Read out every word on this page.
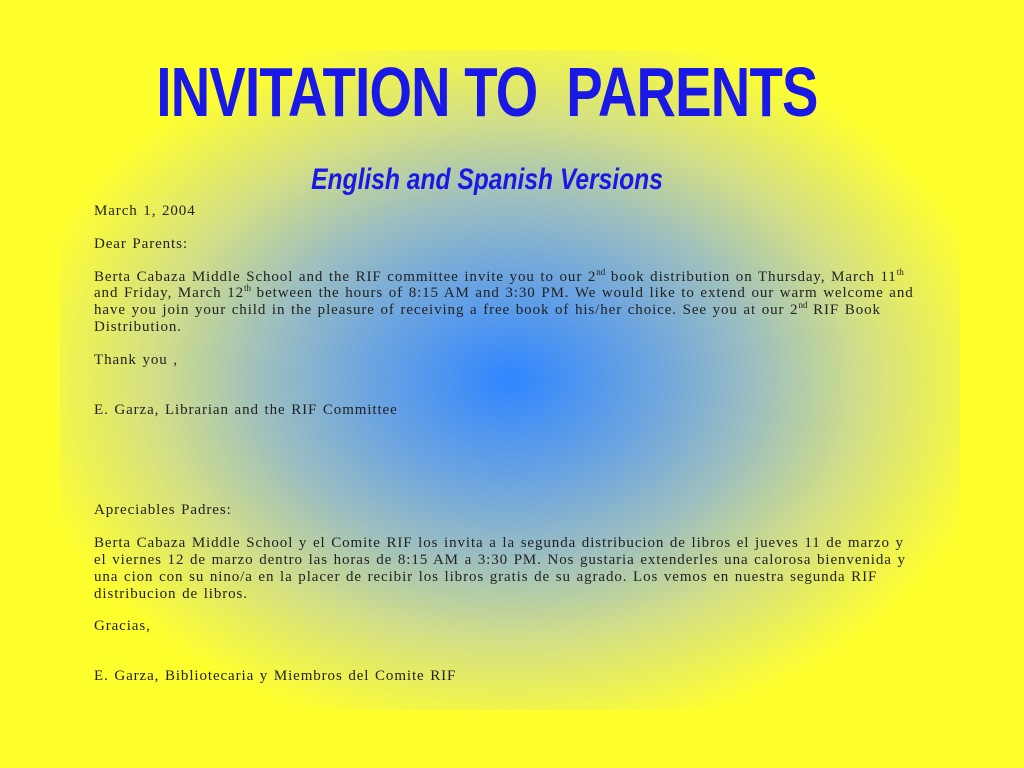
INVITATION TO  PARENTS
English and Spanish Versions

March 1, 2004

Dear Parents:

Berta Cabaza Middle School and the RIF committee invite you to our 2nd book distribution on Thursday, March 11th and Friday, March 12th between the hours of 8:15 AM and 3:30 PM. We would like to extend our warm welcome and have you join your child in the pleasure of receiving a free book of his/her choice. See you at our 2nd RIF Book Distribution.

Thank you ,

E. Garza, Librarian and the RIF Committee

Apreciables Padres:

Berta Cabaza Middle School y el Comite RIF los invita a la segunda distribucion de libros el jueves 11 de marzo y el viernes 12 de marzo dentro las horas de 8:15 AM a 3:30 PM. Nos gustaria extenderles una calorosa bienvenida y una cion con su nino/a en la placer de recibir los libros gratis de su agrado. Los vemos en nuestra segunda RIF distribucion de libros.

Gracias,

E. Garza, Bibliotecaria y Miembros del Comite RIF
